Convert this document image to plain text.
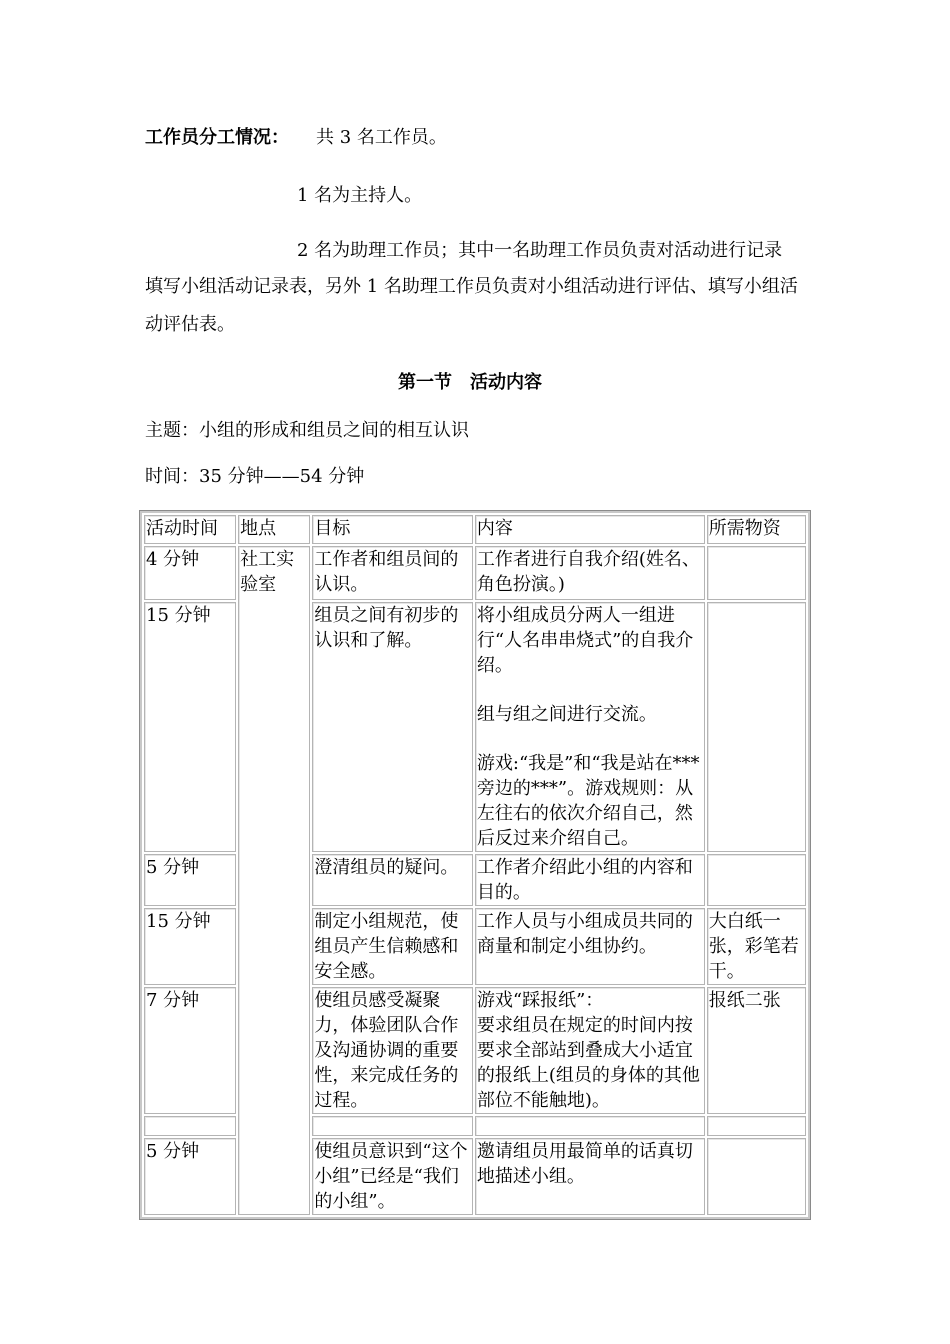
工作员分工情况： 共 3 名工作员。
1 名为主持人。
2 名为助理工作员；其中一名助理工作员负责对活动进行记录
填写小组活动记录表，另外 1 名助理工作员负责对小组活动进行评估、填写小组活动评估表。
第一节　活动内容
主题：小组的形成和组员之间的相互认识
时间：35 分钟——54 分钟
活动时间	地点	目标	内容	所需物资
4 分钟	社工实验室	工作者和组员间的认识。	工作者进行自我介绍(姓名、角色扮演。)	

15 分钟		组员之间有初步的认识和了解。	将小组成员分两人一组进行“人名串串烧式”的自我介绍。

组与组之间进行交流。

游戏:“我是”和“我是站在***旁边的***”。游戏规则：从左往右的依次介绍自己，然后反过来介绍自己。	

5 分钟		澄清组员的疑问。	工作者介绍此小组的内容和目的。	

15 分钟		制定小组规范，使组员产生信赖感和安全感。	工作人员与小组成员共同的商量和制定小组协约。	大白纸一张，彩笔若干。
7 分钟		使组员感受凝聚力，体验团队合作及沟通协调的重要性，来完成任务的过程。	游戏“踩报纸”：
要求组员在规定的时间内按要求全部站到叠成大小适宜的报纸上(组员的身体的其他部位不能触地)。	报纸二张

5 分钟		使组员意识到“这个小组”已经是“我们的小组”。	邀请组员用最简单的话真切地描述小组。	
